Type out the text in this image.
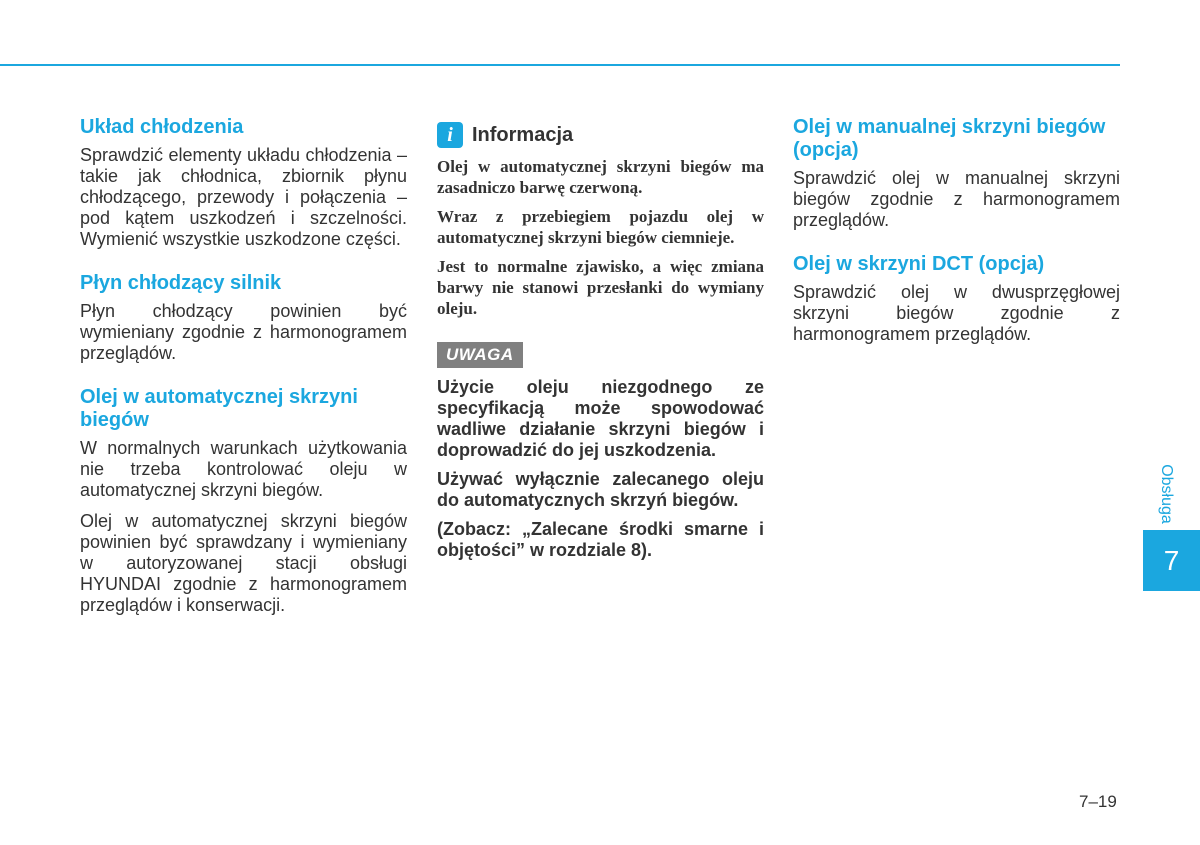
Układ chłodzenia

Sprawdzić elementy układu chłodzenia – takie jak chłodnica, zbiornik płynu chłodzącego, przewody i połączenia – pod kątem uszkodzeń i szczelności. Wymienić wszystkie uszkodzone części.

Płyn chłodzący silnik

Płyn chłodzący powinien być wymieniany zgodnie z harmonogramem przeglądów.

Olej w automatycznej skrzyni biegów

W normalnych warunkach użytkowania nie trzeba kontrolować oleju w automatycznej skrzyni biegów.

Olej w automatycznej skrzyni biegów powinien być sprawdzany i wymieniany w autoryzowanej stacji obsługi HYUNDAI zgodnie z harmonogramem przeglądów i konserwacji.

i Informacja

Olej w automatycznej skrzyni biegów ma zasadniczo barwę czerwoną.

Wraz z przebiegiem pojazdu olej w automatycznej skrzyni biegów ciemnieje.

Jest to normalne zjawisko, a więc zmiana barwy nie stanowi przesłanki do wymiany oleju.

UWAGA

Użycie oleju niezgodnego ze specyfikacją może spowodować wadliwe działanie skrzyni biegów i doprowadzić do jej uszkodzenia.

Używać wyłącznie zalecanego oleju do automatycznych skrzyń biegów.

(Zobacz: „Zalecane środki smarne i objętości” w rozdziale 8).

Olej w manualnej skrzyni biegów (opcja)

Sprawdzić olej w manualnej skrzyni biegów zgodnie z harmonogramem przeglądów.

Olej w skrzyni DCT (opcja)

Sprawdzić olej w dwusprzęgłowej skrzyni biegów zgodnie z harmonogramem przeglądów.

Obsługa
7
7–19
